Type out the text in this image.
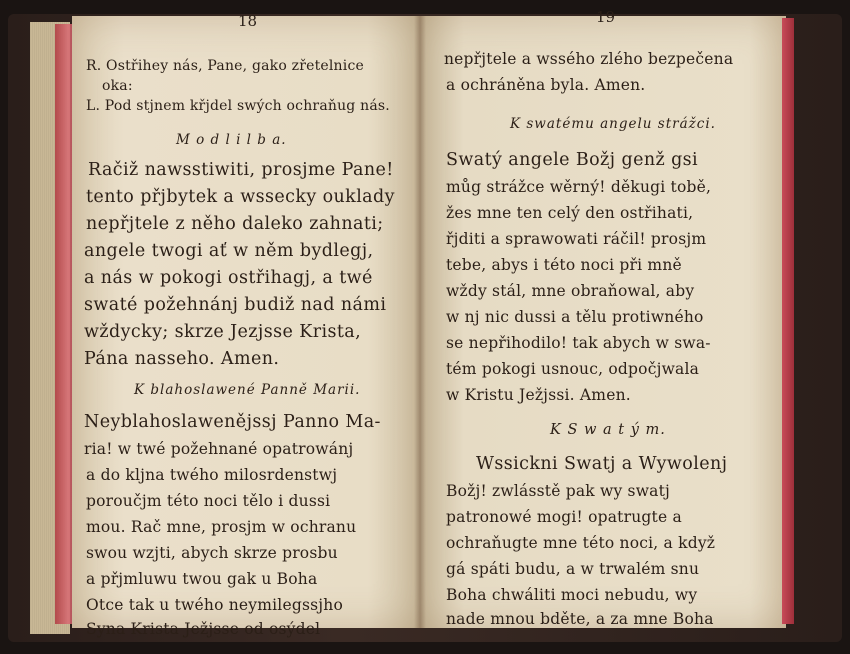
18
R. Ostřihey nás, Pane, gako zřetelnice
oka:
L. Pod stjnem křjdel swých ochraňug nás.
M o d l i l b a.
Račiž nawsstiwiti, prosjme Pane!
tento přjbytek a wssecky ouklady
nepřjtele z něho daleko zahnati;
angele twogi ať w něm bydlegj,
a nás w pokogi ostřihagj, a twé
swaté požehnánj budiž nad námi
wždycky; skrze Jezjsse Krista,
Pána nasseho. Amen.
K blahoslawené Panně Marii.
Neyblahoslawenějssj Panno Ma-
ria! w twé požehnané opatrowánj
a do kljna twého milosrdenstwj
poroučjm této noci tělo i dussi
mou. Rač mne, prosjm w ochranu
swou wzjti, abych skrze prosbu
a přjmluwu twou gak u Boha
Otce tak u twého neymilegssjho
Syna Krista Ježjsse od osýdel
19
nepřjtele a wssého zlého bezpečena
a ochráněna byla. Amen.
K swatému angelu strážci.
Swatý angele Božj genž gsi
můg strážce wěrný! děkugi tobě,
žes mne ten celý den ostřihati,
řjditi a sprawowati ráčil! prosjm
tebe, abys i této noci při mně
wždy stál, mne obraňowal, aby
w nj nic dussi a tělu protiwného
se nepřihodilo! tak abych w swa-
tém pokogi usnouc, odpočjwala
w Kristu Ježjssi. Amen.
K S w a t ý m.
Wssickni Swatj a Wywolenj
Božj! zwlásstě pak wy swatj
patronowé mogi! opatrugte a
ochraňugte mne této noci, a když
gá spáti budu, a w trwalém snu
Boha chwáliti moci nebudu, wy
nade mnou bděte, a za mne Boha
